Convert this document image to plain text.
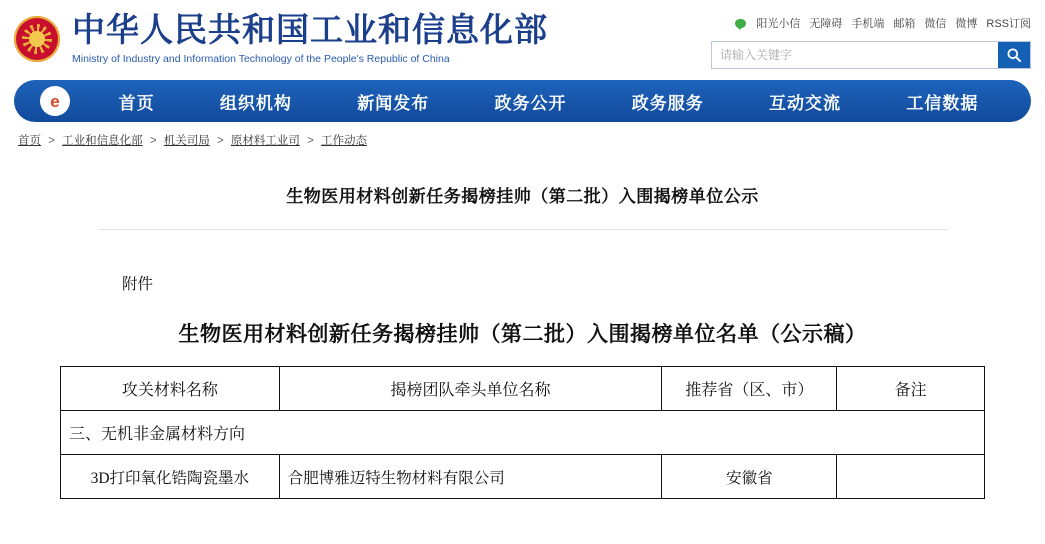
中华人民共和国工业和信息化部
Ministry of Industry and Information Technology of the People's Republic of China
阳光小信 无障碍 手机端 邮箱 微信 微博 RSS订阅
请输入关键字
e	首页	组织机构	新闻发布	政务公开	政务服务	互动交流	工信数据
首页 > 工业和信息化部 > 机关司局 > 原材料工业司 > 工作动态
生物医用材料创新任务揭榜挂帅（第二批）入围揭榜单位公示
附件
生物医用材料创新任务揭榜挂帅（第二批）入围揭榜单位名单（公示稿）
攻关材料名称	揭榜团队牵头单位名称	推荐省（区、市）	备注
三、无机非金属材料方向			
3D打印氧化锆陶瓷墨水	合肥博雅迈特生物材料有限公司	安徽省	
